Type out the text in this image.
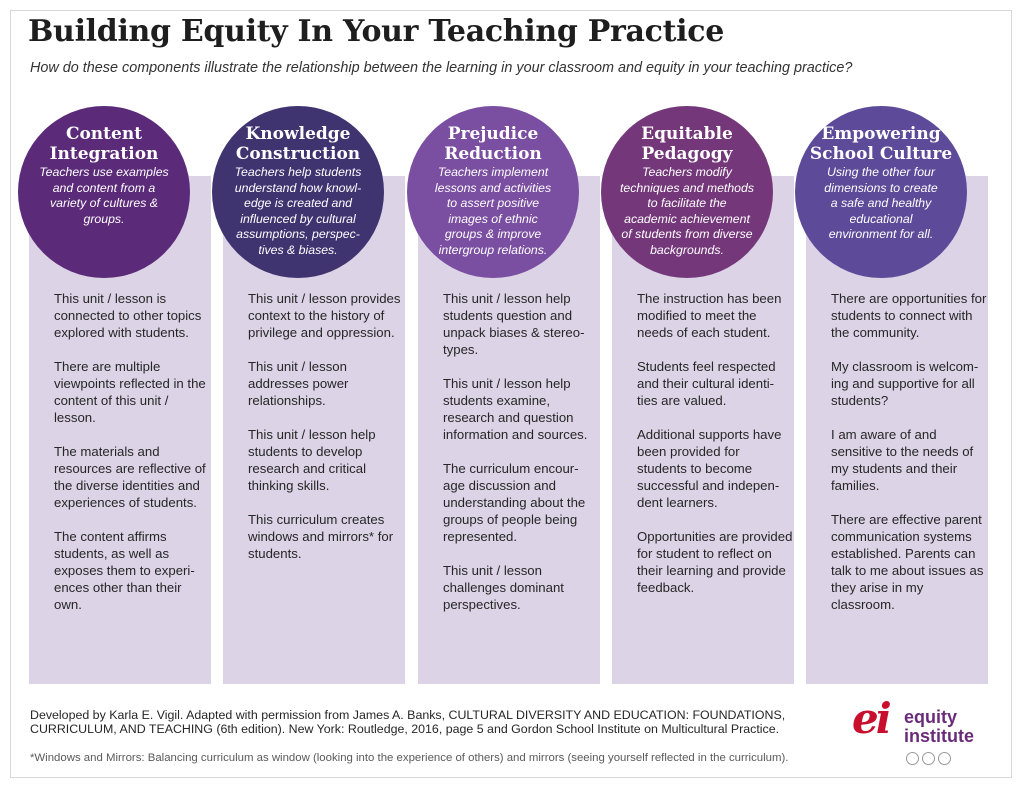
Building Equity In Your Teaching Practice

How do these components illustrate the relationship between the learning in your classroom and equity in your teaching practice?

Content
Integration
Teachers use examples
and content from a
variety of cultures &
groups.

This unit / lesson is connected to other topics explored with students.

There are multiple viewpoints reflected in the content of this unit / lesson.

The materials and resources are reflective of the diverse identities and experiences of students.

The content affirms students, as well as exposes them to experi- ences other than their own.

Knowledge
Construction
Teachers help students
understand how knowl-
edge is created and
influenced by cultural
assumptions, perspec-
tives & biases.

This unit / lesson provides context to the history of privilege and oppression.

This unit / lesson addresses power relationships.

This unit / lesson help students to develop research and critical thinking skills.

This curriculum creates windows and mirrors* for students.

Prejudice
Reduction
Teachers implement
lessons and activities
to assert positive
images of ethnic
groups & improve
intergroup relations.

This unit / lesson help students question and unpack biases & stereo- types.

This unit / lesson help students examine, research and question information and sources.

The curriculum encour- age discussion and understanding about the groups of people being represented.

This unit / lesson challenges dominant perspectives.

Equitable
Pedagogy
Teachers modify
techniques and methods
to facilitate the
academic achievement
of students from diverse
backgrounds.

The instruction has been modified to meet the needs of each student.

Students feel respected and their cultural identi- ties are valued.

Additional supports have been provided for students to become successful and indepen- dent learners.

Opportunities are provided for student to reflect on their learning and provide feedback.

Empowering
School Culture
Using the other four
dimensions to create
a safe and healthy
educational
environment for all.

There are opportunities for students to connect with the community.

My classroom is welcom- ing and supportive for all students?

I am aware of and sensitive to the needs of my students and their families.

There are effective parent communication systems established. Parents can talk to me about issues as they arise in my classroom.

Developed by Karla E. Vigil. Adapted with permission from James A. Banks, CULTURAL DIVERSITY AND EDUCATION: FOUNDATIONS, CURRICULUM, AND TEACHING (6th edition). New York: Routledge, 2016, page 5 and Gordon School Institute on Multicultural Practice.

*Windows and Mirrors: Balancing curriculum as window (looking into the experience of others) and mirrors (seeing yourself reflected in the curriculum).
ei equity
institute
